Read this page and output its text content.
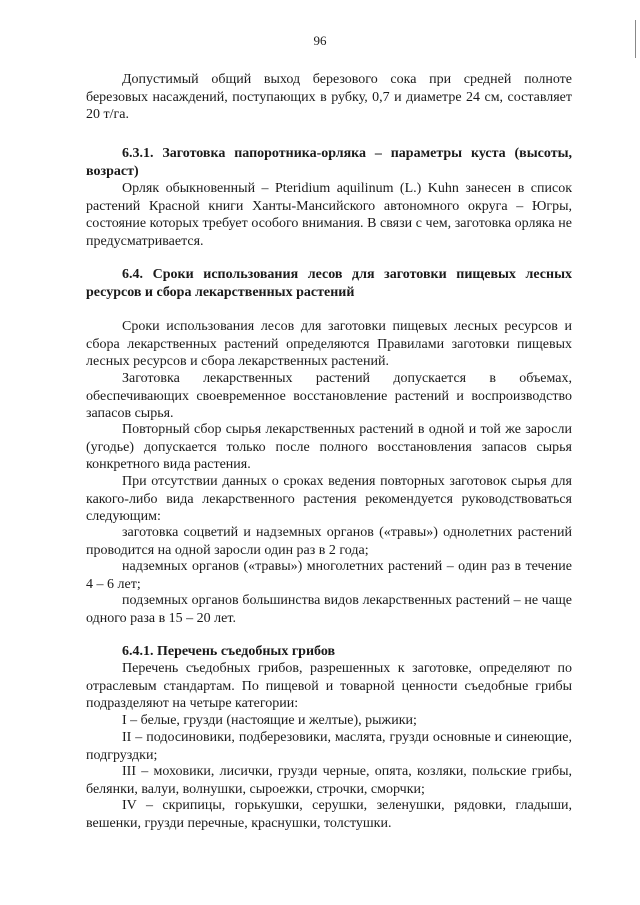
96

Допустимый общий выход березового сока при средней полноте березовых насаждений, поступающих в рубку, 0,7 и диаметре 24 см, составляет 20 т/га.

6.3.1. Заготовка папоротника-орляка – параметры куста (высоты, возраст)

Орляк обыкновенный – Pteridium aquilinum (L.) Kuhn занесен в список растений Красной книги Ханты-Мансийского автономного округа – Югры, состояние которых требует особого внимания. В связи с чем, заготовка орляка не предусматривается.

6.4. Сроки использования лесов для заготовки пищевых лесных ресурсов и сбора лекарственных растений

Сроки использования лесов для заготовки пищевых лесных ресурсов и сбора лекарственных растений определяются Правилами заготовки пищевых лесных ресурсов и сбора лекарственных растений.

Заготовка лекарственных растений допускается в объемах, обеспечивающих своевременное восстановление растений и воспроизводство запасов сырья.

Повторный сбор сырья лекарственных растений в одной и той же заросли (угодье) допускается только после полного восстановления запасов сырья конкретного вида растения.

При отсутствии данных о сроках ведения повторных заготовок сырья для какого-либо вида лекарственного растения рекомендуется руководствоваться следующим:

заготовка соцветий и надземных органов («травы») однолетних растений проводится на одной заросли один раз в 2 года;

надземных органов («травы») многолетних растений – один раз в течение 4 – 6 лет;

подземных органов большинства видов лекарственных растений – не чаще одного раза в 15 – 20 лет.

6.4.1. Перечень съедобных грибов

Перечень съедобных грибов, разрешенных к заготовке, определяют по отраслевым стандартам. По пищевой и товарной ценности съедобные грибы подразделяют на четыре категории:

I – белые, грузди (настоящие и желтые), рыжики;

II – подосиновики, подберезовики, маслята, грузди основные и синеющие, подгруздки;

III – моховики, лисички, грузди черные, опята, козляки, польские грибы, белянки, валуи, волнушки, сыроежки, строчки, сморчки;

IV – скрипицы, горькушки, серушки, зеленушки, рядовки, гладыши, вешенки, грузди перечные, краснушки, толстушки.
